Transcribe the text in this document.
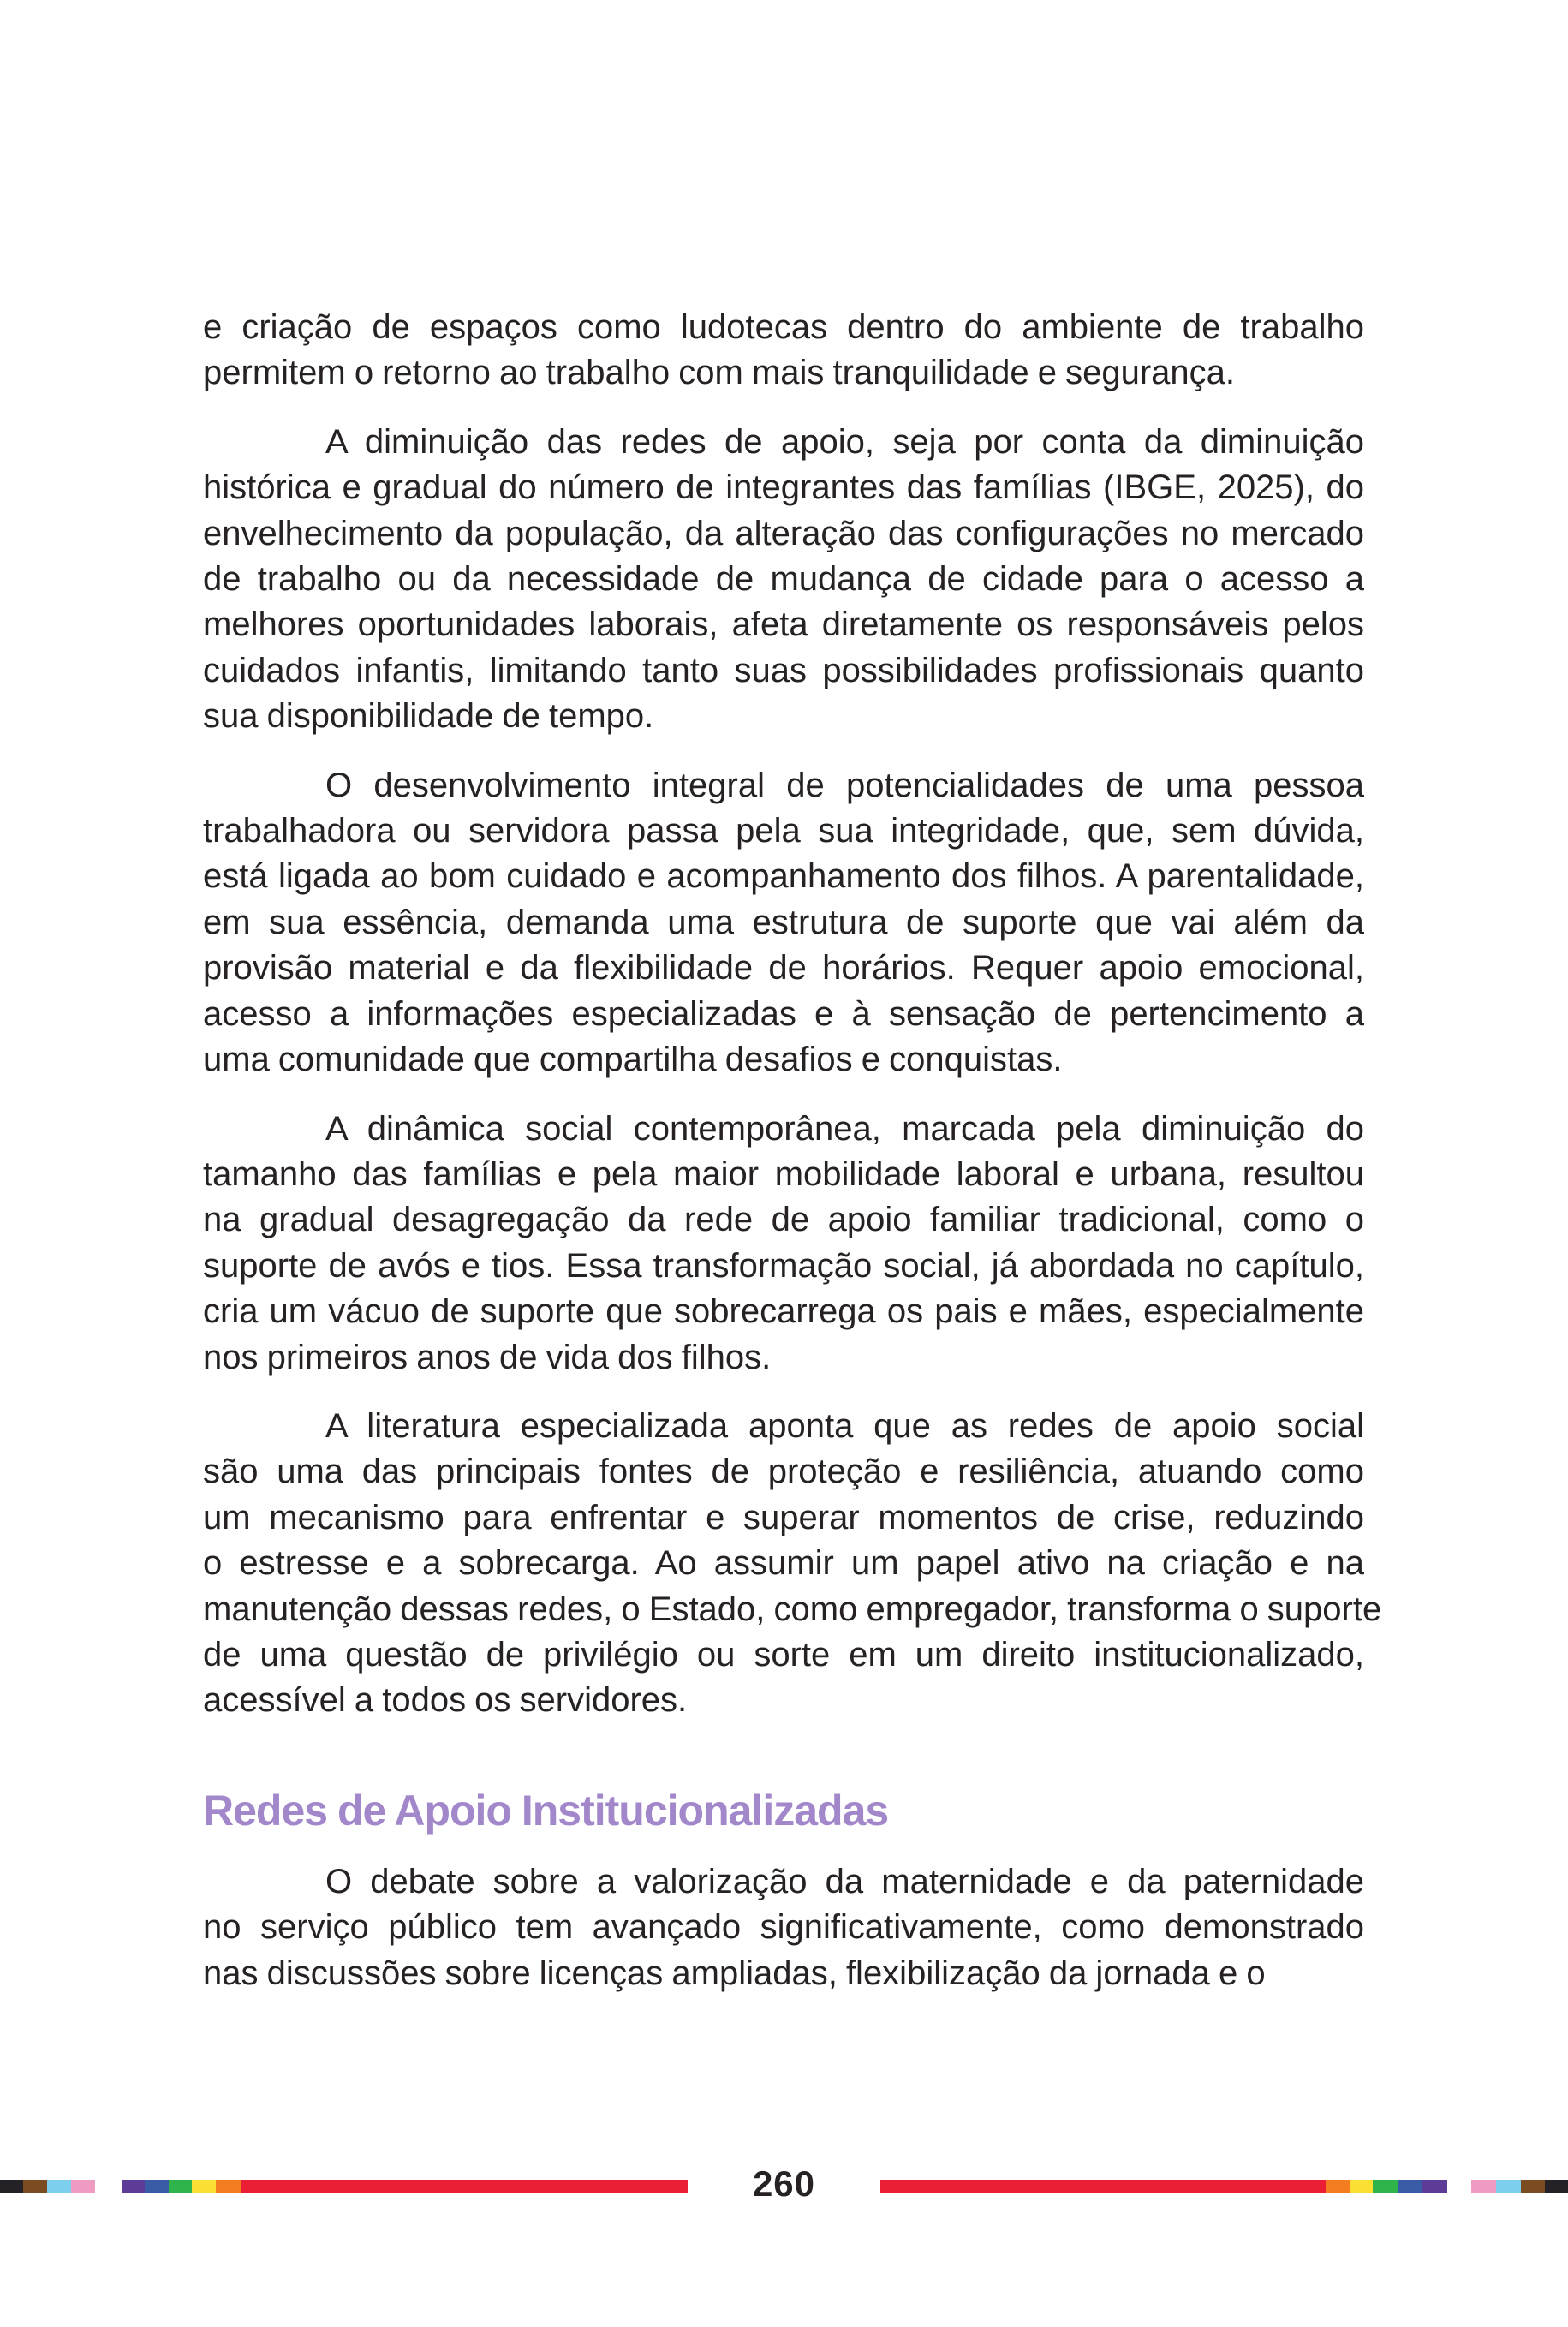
e criação de espaços como ludotecas dentro do ambiente de trabalho
permitem o retorno ao trabalho com mais tranquilidade e segurança.
A diminuição das redes de apoio, seja por conta da diminuição
histórica e gradual do número de integrantes das famílias (IBGE, 2025), do
envelhecimento da população, da alteração das configurações no mercado
de trabalho ou da necessidade de mudança de cidade para o acesso a
melhores oportunidades laborais, afeta diretamente os responsáveis pelos
cuidados infantis, limitando tanto suas possibilidades profissionais quanto
sua disponibilidade de tempo.
O desenvolvimento integral de potencialidades de uma pessoa
trabalhadora ou servidora passa pela sua integridade, que, sem dúvida,
está ligada ao bom cuidado e acompanhamento dos filhos. A parentalidade,
em sua essência, demanda uma estrutura de suporte que vai além da
provisão material e da flexibilidade de horários. Requer apoio emocional,
acesso a informações especializadas e à sensação de pertencimento a
uma comunidade que compartilha desafios e conquistas.
A dinâmica social contemporânea, marcada pela diminuição do
tamanho das famílias e pela maior mobilidade laboral e urbana, resultou
na gradual desagregação da rede de apoio familiar tradicional, como o
suporte de avós e tios. Essa transformação social, já abordada no capítulo,
cria um vácuo de suporte que sobrecarrega os pais e mães, especialmente
nos primeiros anos de vida dos filhos.
A literatura especializada aponta que as redes de apoio social
são uma das principais fontes de proteção e resiliência, atuando como
um mecanismo para enfrentar e superar momentos de crise, reduzindo
o estresse e a sobrecarga. Ao assumir um papel ativo na criação e na
manutenção dessas redes, o Estado, como empregador, transforma o suporte
de uma questão de privilégio ou sorte em um direito institucionalizado,
acessível a todos os servidores.
Redes de Apoio Institucionalizadas
O debate sobre a valorização da maternidade e da paternidade
no serviço público tem avançado significativamente, como demonstrado
nas discussões sobre licenças ampliadas, flexibilização da jornada e o
260
